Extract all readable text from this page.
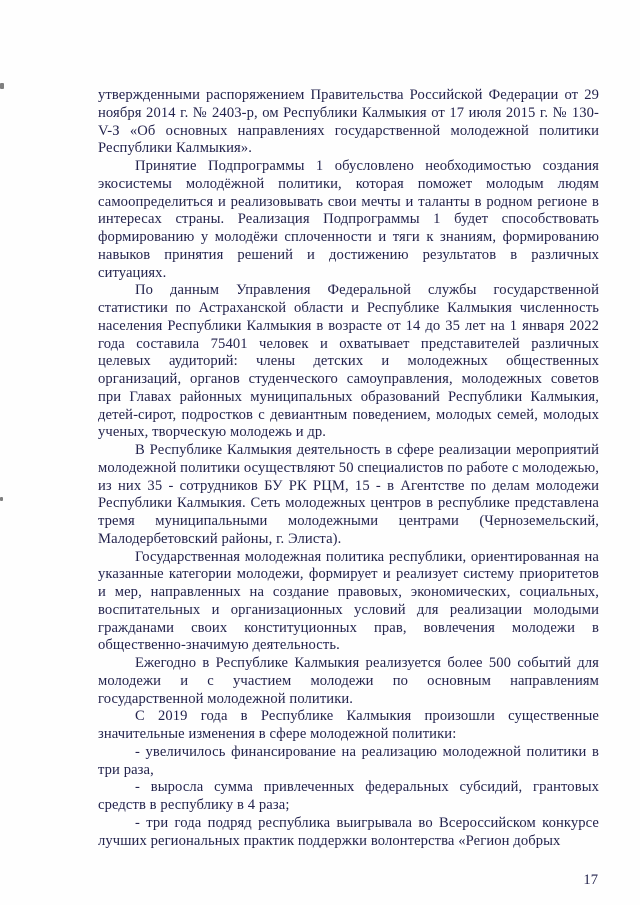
утвержденными распоряжением Правительства Российской Федерации от 29 ноября 2014 г. № 2403-р, ом Республики Калмыкия от 17 июля 2015 г. № 130-V-З «Об основных направлениях государственной молодежной политики Республики Калмыкия».

Принятие Подпрограммы 1 обусловлено необходимостью создания экосистемы молодёжной политики, которая поможет молодым людям самоопределиться и реализовывать свои мечты и таланты в родном регионе в интересах страны. Реализация Подпрограммы 1 будет способствовать формированию у молодёжи сплоченности и тяги к знаниям, формированию навыков принятия решений и достижению результатов в различных ситуациях.

По данным Управления Федеральной службы государственной статистики по Астраханской области и Республике Калмыкия численность населения Республики Калмыкия в возрасте от 14 до 35 лет на 1 января 2022 года составила 75401 человек и охватывает представителей различных целевых аудиторий: члены детских и молодежных общественных организаций, органов студенческого самоуправления, молодежных советов при Главах районных муниципальных образований Республики Калмыкия, детей-сирот, подростков с девиантным поведением, молодых семей, молодых ученых, творческую молодежь и др.

В Республике Калмыкия деятельность в сфере реализации мероприятий молодежной политики осуществляют 50 специалистов по работе с молодежью, из них 35 - сотрудников БУ РК РЦМ, 15 - в Агентстве по делам молодежи Республики Калмыкия. Сеть молодежных центров в республике представлена тремя муниципальными молодежными центрами (Черноземельский, Малодербетовский районы, г. Элиста).

Государственная молодежная политика республики, ориентированная на указанные категории молодежи, формирует и реализует систему приоритетов и мер, направленных на создание правовых, экономических, социальных, воспитательных и организационных условий для реализации молодыми гражданами своих конституционных прав, вовлечения молодежи в общественно-значимую деятельность.

Ежегодно в Республике Калмыкия реализуется более 500 событий для молодежи и с участием молодежи по основным направлениям государственной молодежной политики.

С 2019 года в Республике Калмыкия произошли существенные значительные изменения в сфере молодежной политики:

- увеличилось финансирование на реализацию молодежной политики в три раза,

- выросла сумма привлеченных федеральных субсидий, грантовых средств в республику в 4 раза;

- три года подряд республика выигрывала во Всероссийском конкурсе лучших региональных практик поддержки волонтерства «Регион добрых

17
